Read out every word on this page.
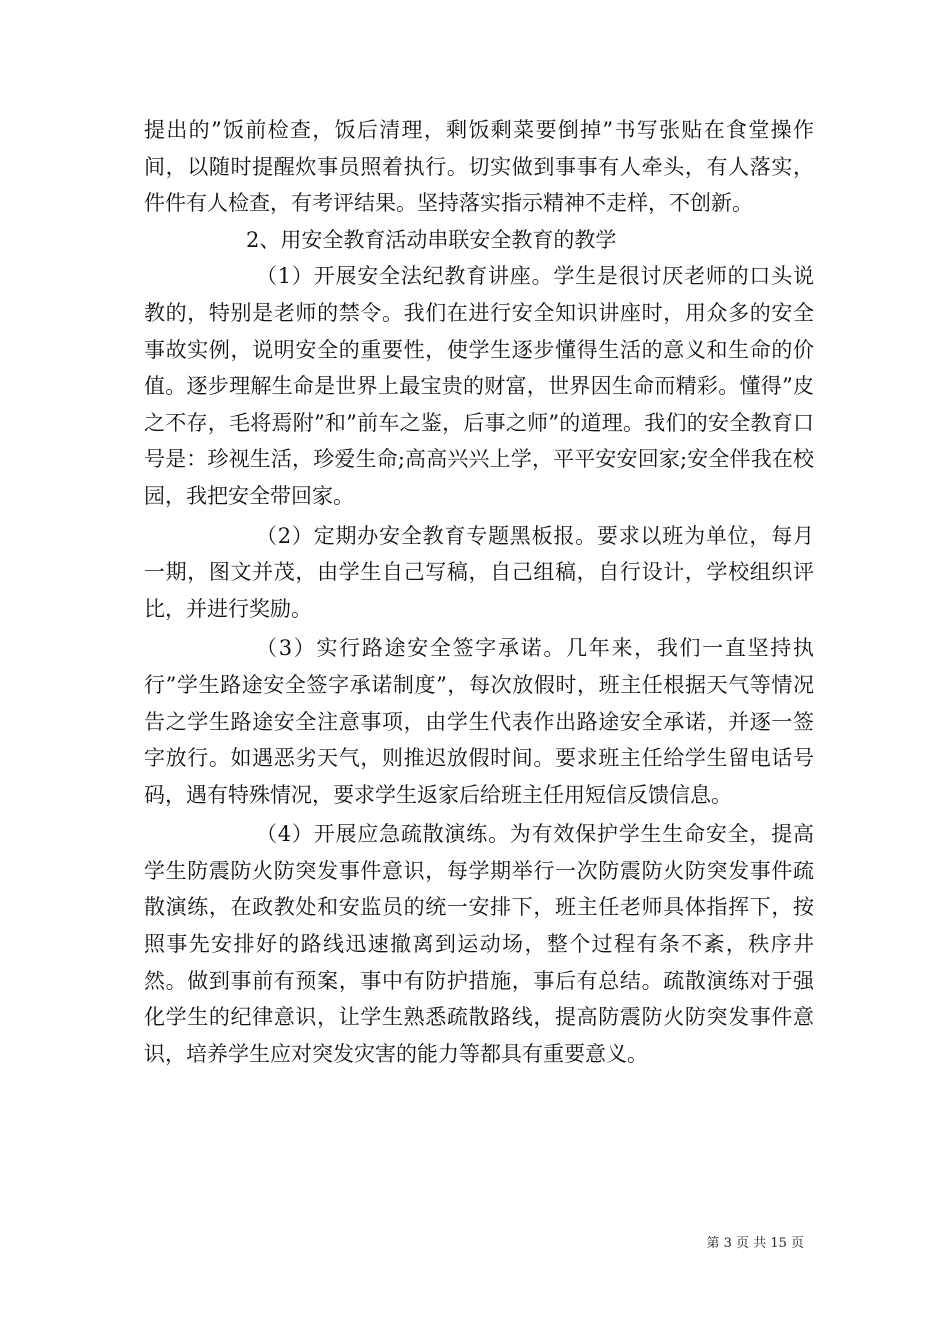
提出的”饭前检查，饭后清理，剩饭剩菜要倒掉”书写张贴在食堂操作间，以随时提醒炊事员照着执行。切实做到事事有人牵头，有人落实，件件有人检查，有考评结果。坚持落实指示精神不走样，不创新。

2、用安全教育活动串联安全教育的教学

（1）开展安全法纪教育讲座。学生是很讨厌老师的口头说教的，特别是老师的禁令。我们在进行安全知识讲座时，用众多的安全事故实例，说明安全的重要性，使学生逐步懂得生活的意义和生命的价值。逐步理解生命是世界上最宝贵的财富，世界因生命而精彩。懂得”皮之不存，毛将焉附”和”前车之鉴，后事之师”的道理。我们的安全教育口号是：珍视生活，珍爱生命;高高兴兴上学，平平安安回家;安全伴我在校园，我把安全带回家。

（2）定期办安全教育专题黑板报。要求以班为单位，每月一期，图文并茂，由学生自己写稿，自己组稿，自行设计，学校组织评比，并进行奖励。

（3）实行路途安全签字承诺。几年来，我们一直坚持执行”学生路途安全签字承诺制度”，每次放假时，班主任根据天气等情况告之学生路途安全注意事项，由学生代表作出路途安全承诺，并逐一签字放行。如遇恶劣天气，则推迟放假时间。要求班主任给学生留电话号码，遇有特殊情况，要求学生返家后给班主任用短信反馈信息。

（4）开展应急疏散演练。为有效保护学生生命安全，提高学生防震防火防突发事件意识，每学期举行一次防震防火防突发事件疏散演练，在政教处和安监员的统一安排下，班主任老师具体指挥下，按照事先安排好的路线迅速撤离到运动场，整个过程有条不紊，秩序井然。做到事前有预案，事中有防护措施，事后有总结。疏散演练对于强化学生的纪律意识，让学生熟悉疏散路线，提高防震防火防突发事件意识，培养学生应对突发灾害的能力等都具有重要意义。

第 3 页 共 15 页
